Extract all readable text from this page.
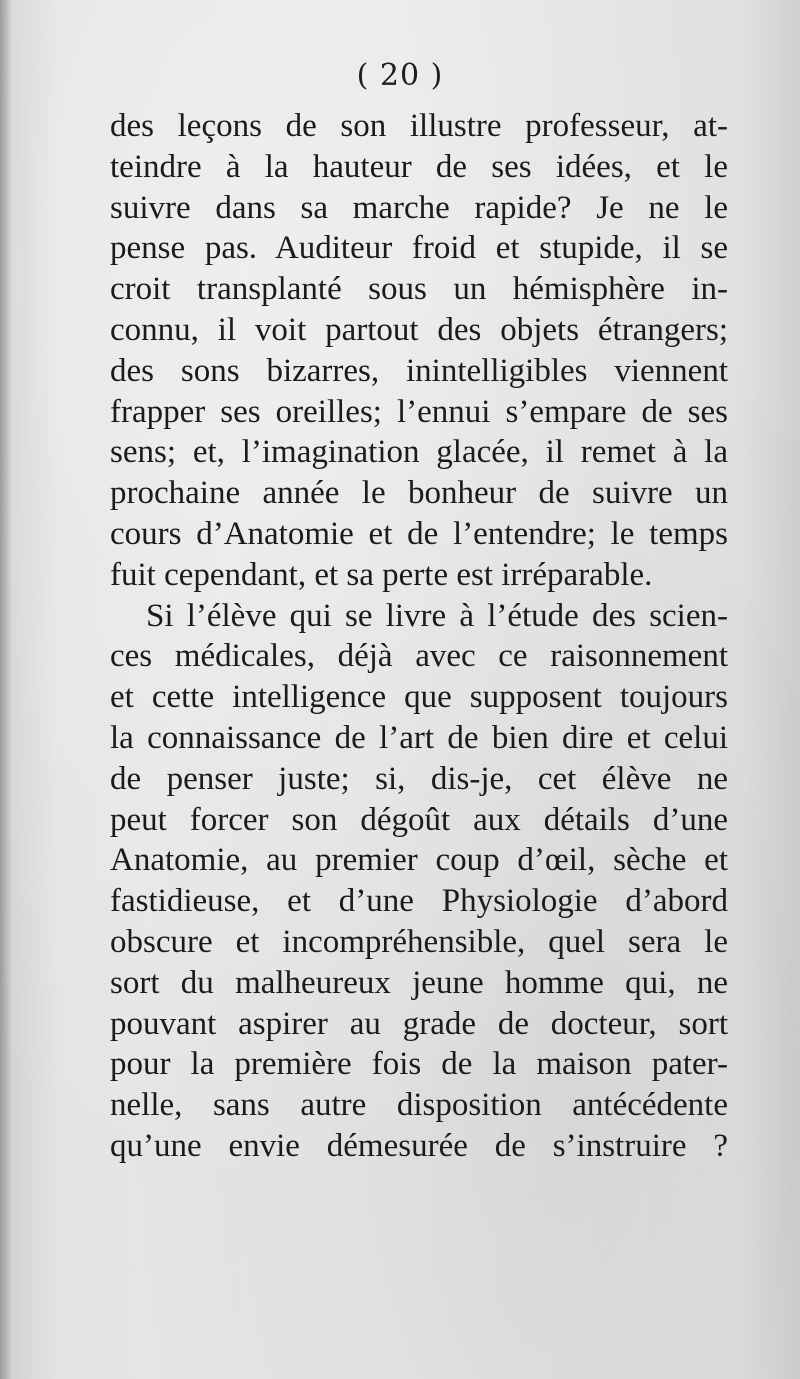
( 20 )
des leçons de son illustre professeur, at-
teindre à la hauteur de ses idées, et le
suivre dans sa marche rapide? Je ne le
pense pas. Auditeur froid et stupide, il se
croit transplanté sous un hémisphère in-
connu, il voit partout des objets étrangers;
des sons bizarres, inintelligibles viennent
frapper ses oreilles; l’ennui s’empare de ses
sens; et, l’imagination glacée, il remet à la
prochaine année le bonheur de suivre un
cours d’Anatomie et de l’entendre; le temps
fuit cependant, et sa perte est irréparable.
Si l’élève qui se livre à l’étude des scien-
ces médicales, déjà avec ce raisonnement
et cette intelligence que supposent toujours
la connaissance de l’art de bien dire et celui
de penser juste; si, dis-je, cet élève ne
peut forcer son dégoût aux détails d’une
Anatomie, au premier coup d’œil, sèche et
fastidieuse, et d’une Physiologie d’abord
obscure et incompréhensible, quel sera le
sort du malheureux jeune homme qui, ne
pouvant aspirer au grade de docteur, sort
pour la première fois de la maison pater-
nelle, sans autre disposition antécédente
qu’une envie démesurée de s’instruire ?
